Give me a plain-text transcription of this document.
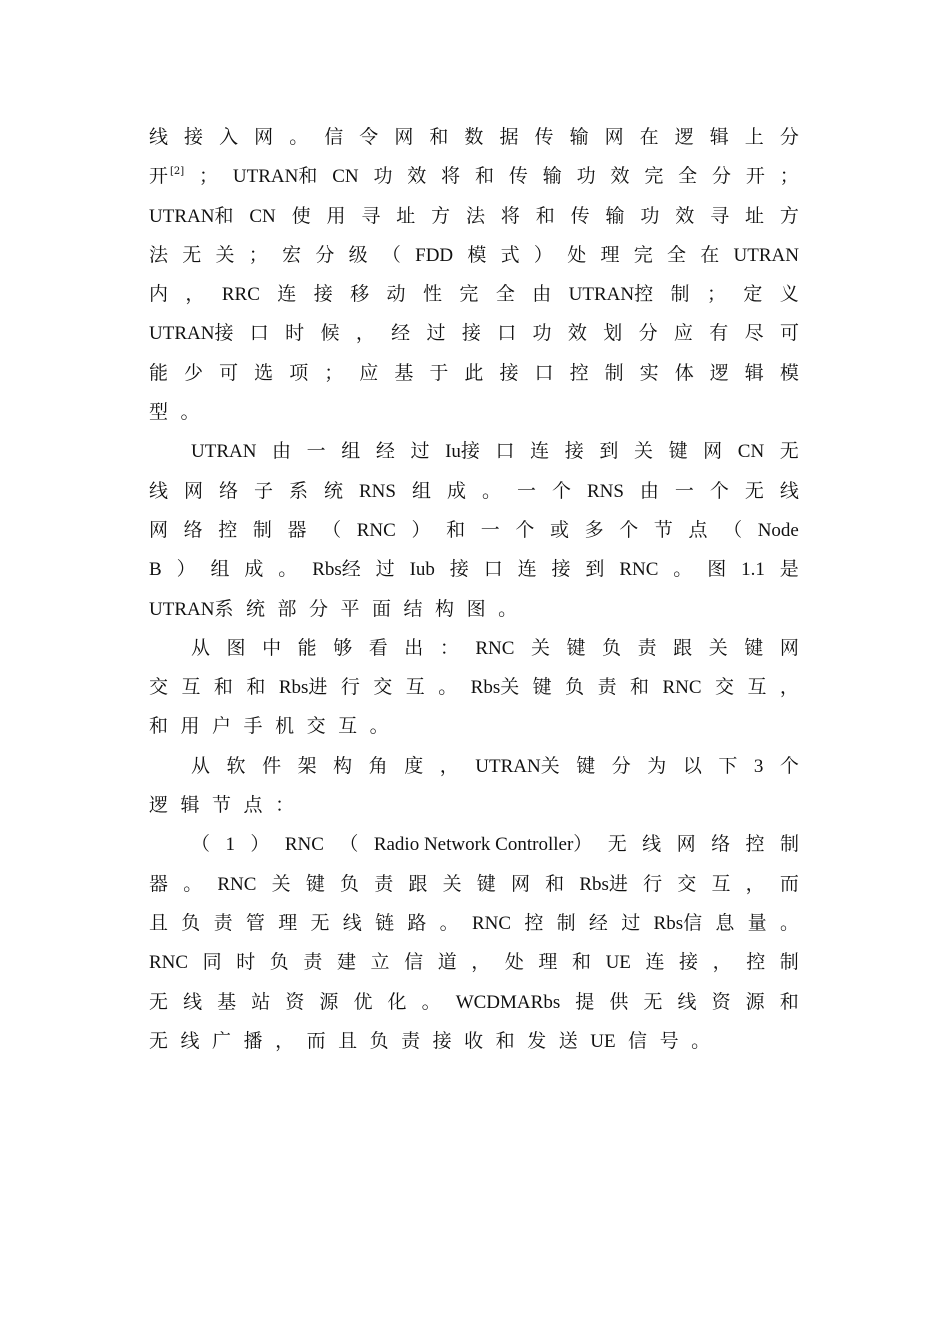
线 接 入 网 。 信 令 网 和 数 据 传 输 网 在 逻 辑 上 分
开 [2] ； UTRAN和 CN 功 效 将 和 传 输 功 效 完 全 分 开 ；
UTRAN和 CN 使 用 寻 址 方 法 将 和 传 输 功 效 寻 址 方
法 无 关 ； 宏 分 级 （ FDD 模 式 ） 处 理 完 全 在 UTRAN
内 ， RRC 连 接 移 动 性 完 全 由 UTRAN控 制 ； 定 义
UTRAN接 口 时 候 ， 经 过 接 口 功 效 划 分 应 有 尽 可
能 少 可 选 项 ； 应 基 于 此 接 口 控 制 实 体 逻 辑 模
型 。
UTRAN 由 一 组 经 过 Iu接 口 连 接 到 关 键 网 CN 无
线 网 络 子 系 统 RNS 组 成 。 一 个 RNS 由 一 个 无 线
网 络 控 制 器 （ RNC ） 和 一 个 或 多 个 节 点 （ Node
B ） 组 成 。 Rbs经 过 Iub 接 口 连 接 到 RNC 。 图 1.1 是
UTRAN系 统 部 分 平 面 结 构 图 。
从 图 中 能 够 看 出 ： RNC 关 键 负 责 跟 关 键 网
交 互 和 和 Rbs进 行 交 互 。 Rbs关 键 负 责 和 RNC 交 互 ，
和 用 户 手 机 交 互 。
从 软 件 架 构 角 度 ， UTRAN关 键 分 为 以 下 3 个
逻 辑 节 点 ：
（ 1 ） RNC （ Radio Network Controller） 无 线 网 络 控 制
器 。 RNC 关 键 负 责 跟 关 键 网 和 Rbs进 行 交 互 ， 而
且 负 责 管 理 无 线 链 路 。 RNC 控 制 经 过 Rbs信 息 量 。
RNC 同 时 负 责 建 立 信 道 ， 处 理 和 UE 连 接 ， 控 制
无 线 基 站 资 源 优 化 。 WCDMARbs 提 供 无 线 资 源 和
无 线 广 播 ， 而 且 负 责 接 收 和 发 送 UE 信 号 。
